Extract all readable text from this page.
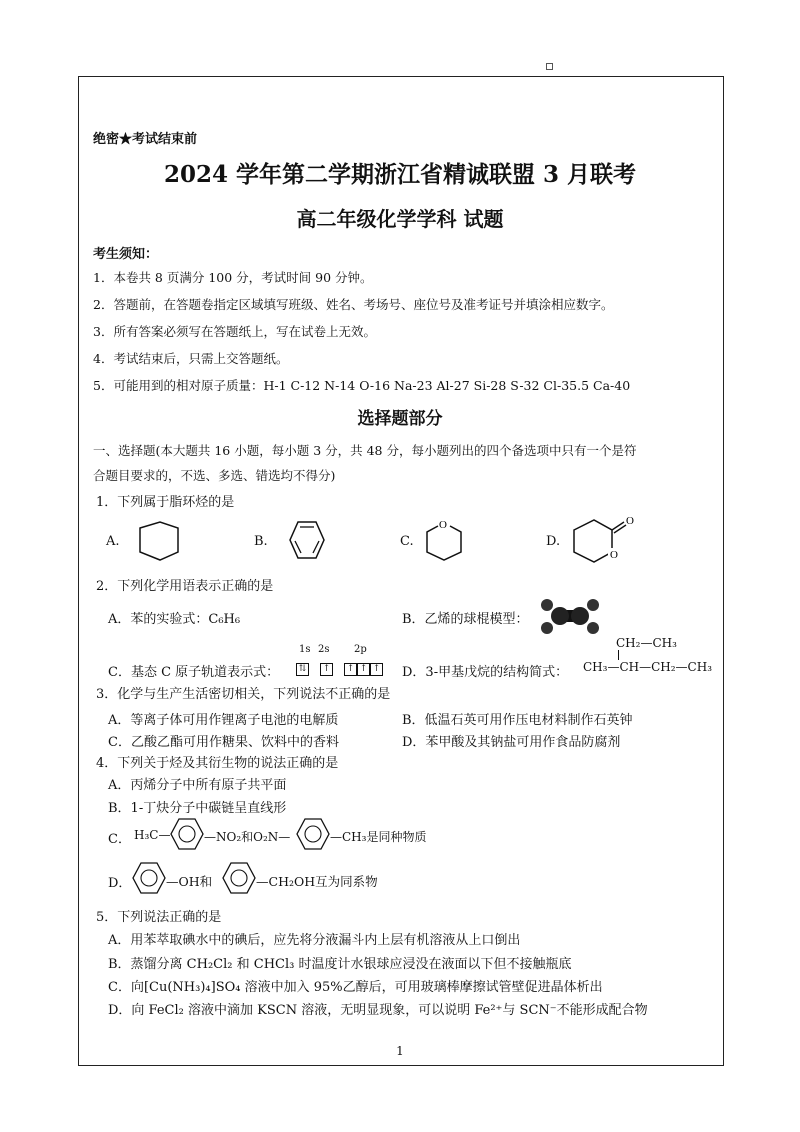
绝密★考试结束前
2024 学年第二学期浙江省精诚联盟 3 月联考
高二年级化学学科 试题
考生须知：
1．本卷共 8 页满分 100 分，考试时间 90 分钟。
2．答题前，在答题卷指定区域填写班级、姓名、考场号、座位号及准考证号并填涂相应数字。
3．所有答案必须写在答题纸上，写在试卷上无效。
4．考试结束后，只需上交答题纸。
5．可能用到的相对原子质量：H-1 C-12 N-14 O-16 Na-23 Al-27 Si-28 S-32 Cl-35.5 Ca-40
选择题部分
一、选择题(本大题共 16 小题，每小题 3 分，共 48 分，每小题列出的四个备选项中只有一个是符
合题目要求的，不选、多选、错选均不得分)
1．下列属于脂环烃的是
A.	B.	C.
O
D.
O
O
2．下列化学用语表示正确的是
A．苯的实验式：C₆H₆	B．乙烯的球棍模型：
C．基态 C 原子轨道表示式：
1s 2s 2p
⇅ ↑ ↑ ↑ ↑ D．3-甲基戊烷的结构简式：
CH₂—CH₃
CH₃—CH—CH₂—CH₃
3．化学与生产生活密切相关，下列说法不正确的是
A．等离子体可用作锂离子电池的电解质	B．低温石英可用作压电材料制作石英钟
C．乙酸乙酯可用作糖果、饮料中的香料	D．苯甲酸及其钠盐可用作食品防腐剂
4．下列关于烃及其衍生物的说法正确的是
A．丙烯分子中所有原子共平面
B．1-丁炔分子中碳链呈直线形
C． H₃C—	—NO₂和O₂N—	—CH₃是同种物质
D．	—OH和	—CH₂OH互为同系物
5．下列说法正确的是
A．用苯萃取碘水中的碘后，应先将分液漏斗内上层有机溶液从上口倒出
B．蒸馏分离 CH₂Cl₂ 和 CHCl₃ 时温度计水银球应浸没在液面以下但不接触瓶底
C．向[Cu(NH₃)₄]SO₄ 溶液中加入 95%乙醇后，可用玻璃棒摩擦试管壁促进晶体析出
D．向 FeCl₂ 溶液中滴加 KSCN 溶液，无明显现象，可以说明 Fe²⁺与 SCN⁻不能形成配合物
1
